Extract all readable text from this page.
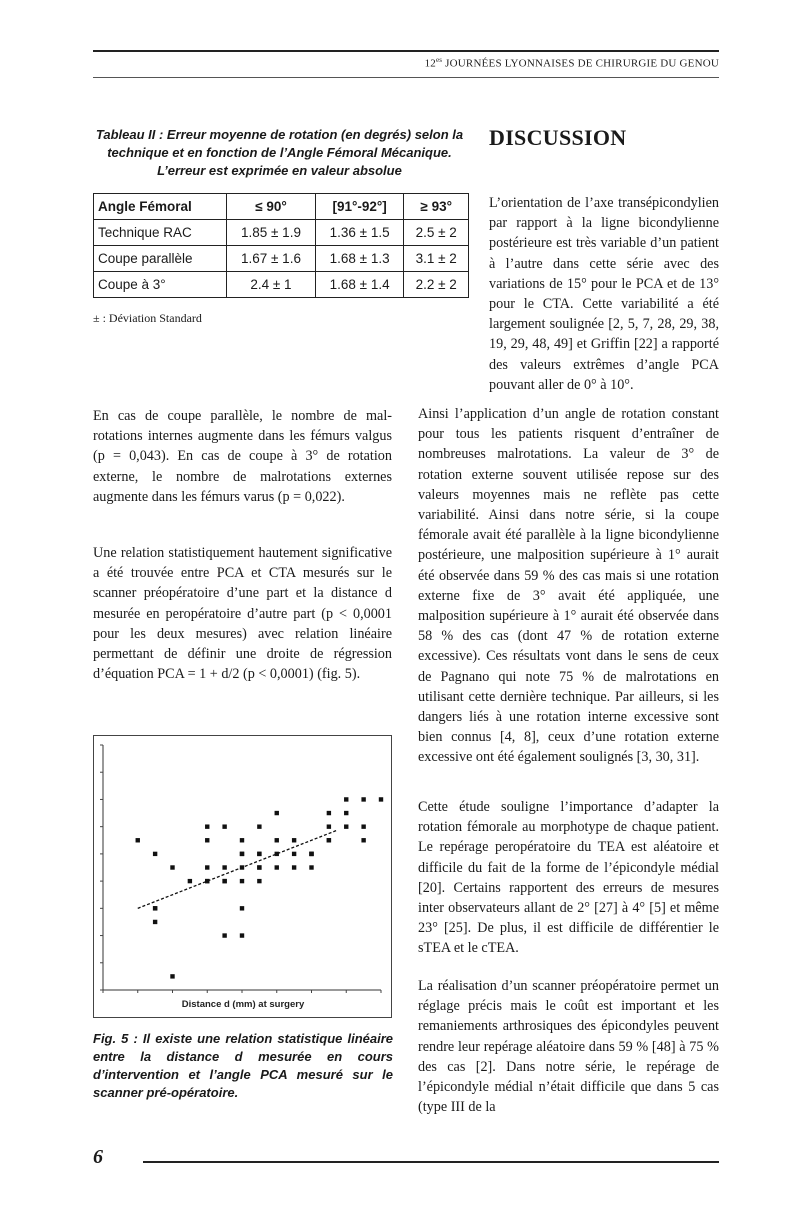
$12^{es}$ JOURNÉES LYONNAISES DE CHIRURGIE DU GENOU
Tableau II : Erreur moyenne de rotation (en degrés) selon la technique et en fonction de l’Angle Fémoral Mécanique. L’erreur est exprimée en valeur absolue
Angle Fémoral	≤ 90°	[91°-92°]	≥ 93°
Technique RAC	1.85 ± 1.9	1.36 ± 1.5	2.5 ± 2
Coupe parallèle	1.67 ± 1.6	1.68 ± 1.3	3.1 ± 2
Coupe à 3°	2.4 ± 1	1.68 ± 1.4	2.2 ± 2
± : Déviation Standard
En cas de coupe parallèle, le nombre de malrotations internes augmente dans les fémurs valgus (p = 0,043). En cas de coupe à 3° de rotation externe, le nombre de malrotations externes augmente dans les fémurs varus (p = 0,022).
Une relation statistiquement hautement significative a été trouvée entre PCA et CTA mesurés sur le scanner préopératoire d’une part et la distance d mesurée en peropératoire d’autre part (p < 0,0001 pour les deux mesures) avec relation linéaire permettant de définir une droite de régression d’équation PCA = 1 + d/2 (p < 0,0001) (fig. 5).
Distance d (mm) at surgery
Fig. 5 : Il existe une relation statistique linéaire entre la distance d mesurée en cours d’intervention et l’angle PCA mesuré sur le scanner pré-opératoire.
DISCUSSION
L’orientation de l’axe transépicondylien par rapport à la ligne bicondylienne postérieure est très variable d’un patient à l’autre dans cette série avec des variations de 15° pour le PCA et de 13° pour le CTA. Cette variabilité a été largement soulignée [2, 5, 7, 28, 29, 38, 19, 29, 48, 49] et Griffin [22] a rapporté des valeurs extrêmes d’angle PCA pouvant aller de 0° à 10°.
Ainsi l’application d’un angle de rotation constant pour tous les patients risquent d’entraîner de nombreuses malrotations. La valeur de 3° de rotation externe souvent utilisée repose sur des valeurs moyennes mais ne reflète pas cette variabilité. Ainsi dans notre série, si la coupe fémorale avait été parallèle à la ligne bicondylienne postérieure, une malposition supérieure à 1° aurait été observée dans 59 % des cas mais si une rotation externe fixe de 3° avait été appliquée, une malposition supérieure à 1° aurait été observée dans 58 % des cas (dont 47 % de rotation externe excessive). Ces résultats vont dans le sens de ceux de Pagnano qui note 75 % de malrotations en utilisant cette dernière technique. Par ailleurs, si les dangers liés à une rotation interne excessive sont bien connus [4, 8], ceux d’une rotation externe excessive ont été également soulignés [3, 30, 31].
Cette étude souligne l’importance d’adapter la rotation fémorale au morphotype de chaque patient. Le repérage peropératoire du TEA est aléatoire et difficile du fait de la forme de l’épicondyle médial [20]. Certains rapportent des erreurs de mesures inter observateurs allant de 2° [27] à 4° [5] et même 23° [25]. De plus, il est difficile de différentier le sTEA et le cTEA.
La réalisation d’un scanner préopératoire permet un réglage précis mais le coût est important et les remaniements arthrosiques des épicondyles peuvent rendre leur repérage aléatoire dans 59 % [48] à 75 % des cas [2]. Dans notre série, le repérage de l’épicondyle médial n’était difficile que dans 5 cas (type III de la
6
